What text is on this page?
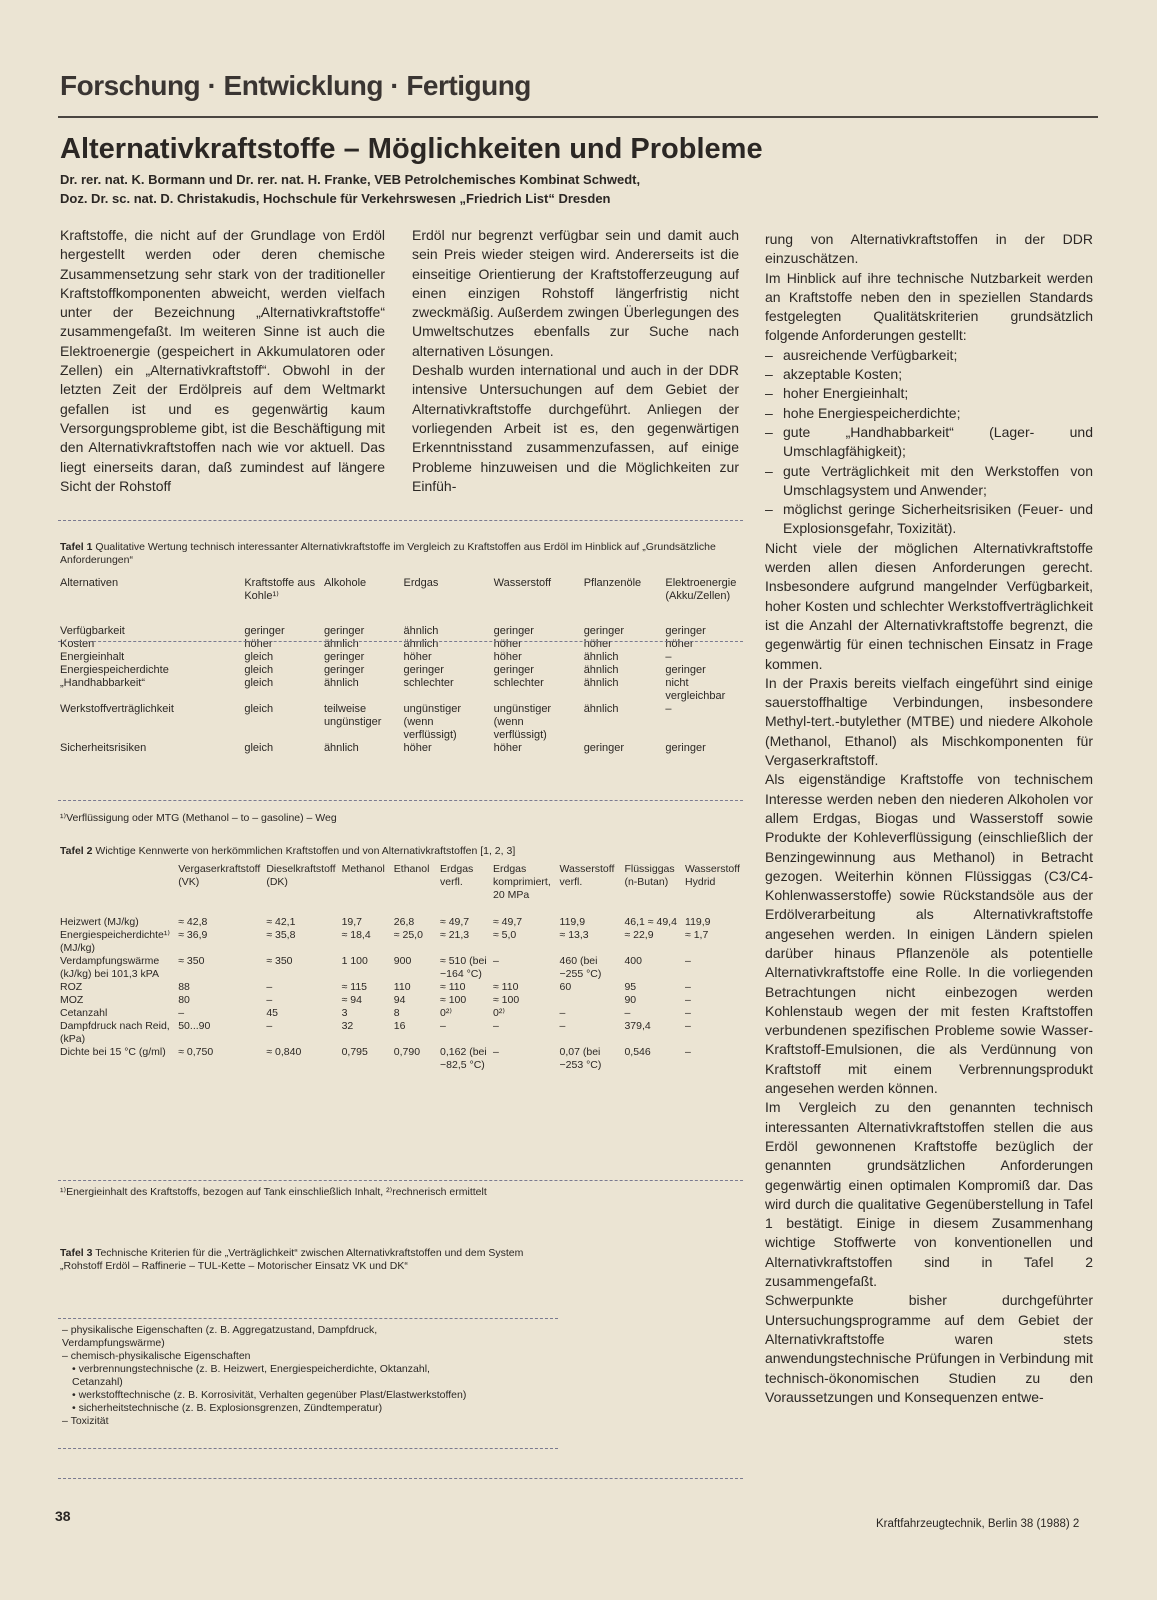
Forschung · Entwicklung · Fertigung
Alternativkraftstoffe – Möglichkeiten und Probleme
Dr. rer. nat. K. Bormann und Dr. rer. nat. H. Franke, VEB Petrolchemisches Kombinat Schwedt,
Doz. Dr. sc. nat. D. Christakudis, Hochschule für Verkehrswesen „Friedrich List“ Dresden

Kraftstoffe, die nicht auf der Grundlage von Erdöl hergestellt werden oder deren chemische Zusammensetzung sehr stark von der traditioneller Kraftstoffkomponenten abweicht, werden vielfach unter der Bezeichnung „Alternativkraftstoffe“ zusammengefaßt. Im weiteren Sinne ist auch die Elektroenergie (gespeichert in Akkumulatoren oder Zellen) ein „Alternativkraftstoff“. Obwohl in der letzten Zeit der Erdölpreis auf dem Weltmarkt gefallen ist und es gegenwärtig kaum Versorgungsprobleme gibt, ist die Beschäftigung mit den Alternativkraftstoffen nach wie vor aktuell. Das liegt einerseits daran, daß zumindest auf längere Sicht der Rohstoff

Erdöl nur begrenzt verfügbar sein und damit auch sein Preis wieder steigen wird. Andererseits ist die einseitige Orientierung der Kraftstofferzeugung auf einen einzigen Rohstoff längerfristig nicht zweckmäßig. Außerdem zwingen Überlegungen des Umweltschutzes ebenfalls zur Suche nach alternativen Lösungen.

Deshalb wurden international und auch in der DDR intensive Untersuchungen auf dem Gebiet der Alternativkraftstoffe durchgeführt. Anliegen der vorliegenden Arbeit ist es, den gegenwärtigen Erkenntnisstand zusammenzufassen, auf einige Probleme hinzuweisen und die Möglichkeiten zur Einfüh-

rung von Alternativkraftstoffen in der DDR einzuschätzen.

Im Hinblick auf ihre technische Nutzbarkeit werden an Kraftstoffe neben den in speziellen Standards festgelegten Qualitätskriterien grundsätzlich folgende Anforderungen gestellt:

– ausreichende Verfügbarkeit;
– akzeptable Kosten;
– hoher Energieinhalt;
– hohe Energiespeicherdichte;
– gute „Handhabbarkeit“ (Lager- und Umschlagfähigkeit);
– gute Verträglichkeit mit den Werkstoffen von Umschlagsystem und Anwender;
– möglichst geringe Sicherheitsrisiken (Feuer- und Explosionsgefahr, Toxizität).

Nicht viele der möglichen Alternativkraftstoffe werden allen diesen Anforderungen gerecht. Insbesondere aufgrund mangelnder Verfügbarkeit, hoher Kosten und schlechter Werkstoffverträglichkeit ist die Anzahl der Alternativkraftstoffe begrenzt, die gegenwärtig für einen technischen Einsatz in Frage kommen.

In der Praxis bereits vielfach eingeführt sind einige sauerstoffhaltige Verbindungen, insbesondere Methyl-tert.-butylether (MTBE) und niedere Alkohole (Methanol, Ethanol) als Mischkomponenten für Vergaserkraftstoff.

Als eigenständige Kraftstoffe von technischem Interesse werden neben den niederen Alkoholen vor allem Erdgas, Biogas und Wasserstoff sowie Produkte der Kohleverflüssigung (einschließlich der Benzingewinnung aus Methanol) in Betracht gezogen. Weiterhin können Flüssiggas (C3/C4-Kohlenwasserstoffe) sowie Rückstandsöle aus der Erdölverarbeitung als Alternativkraftstoffe angesehen werden. In einigen Ländern spielen darüber hinaus Pflanzenöle als potentielle Alternativkraftstoffe eine Rolle. In die vorliegenden Betrachtungen nicht einbezogen werden Kohlenstaub wegen der mit festen Kraftstoffen verbundenen spezifischen Probleme sowie Wasser-Kraftstoff-Emulsionen, die als Verdünnung von Kraftstoff mit einem Verbrennungsprodukt angesehen werden können.

Im Vergleich zu den genannten technisch interessanten Alternativkraftstoffen stellen die aus Erdöl gewonnenen Kraftstoffe bezüglich der genannten grundsätzlichen Anforderungen gegenwärtig einen optimalen Kompromiß dar. Das wird durch die qualitative Gegenüberstellung in Tafel 1 bestätigt. Einige in diesem Zusammenhang wichtige Stoffwerte von konventionellen und Alternativkraftstoffen sind in Tafel 2 zusammengefaßt.

Schwerpunkte bisher durchgeführter Untersuchungsprogramme auf dem Gebiet der Alternativkraftstoffe waren stets anwendungstechnische Prüfungen in Verbindung mit technisch-ökonomischen Studien zu den Voraussetzungen und Konsequenzen entwe-

Tafel 1 Qualitative Wertung technisch interessanter Alternativkraftstoffe im Vergleich zu Kraftstoffen aus Erdöl im Hinblick auf „Grundsätzliche Anforderungen“
Alternativen	Kraftstoffe aus Kohle¹⁾	Alkohole	Erdgas	Wasserstoff	Pflanzenöle	Elektroenergie (Akku/Zellen)
Verfügbarkeit	geringer	geringer	ähnlich	geringer	geringer	geringer
Kosten	höher	ähnlich	ähnlich	höher	höher	höher
Energieinhalt	gleich	geringer	höher	höher	ähnlich	–
Energiespeicherdichte	gleich	geringer	geringer	geringer	ähnlich	geringer
„Handhabbarkeit“	gleich	ähnlich	schlechter	schlechter	ähnlich	nicht vergleichbar
Werkstoffverträglichkeit	gleich	teilweise ungünstiger	ungünstiger (wenn verflüssigt)	ungünstiger (wenn verflüssigt)	ähnlich	–
Sicherheitsrisiken	gleich	ähnlich	höher	höher	geringer	geringer
¹⁾Verflüssigung oder MTG (Methanol – to – gasoline) – Weg
Tafel 2 Wichtige Kennwerte von herkömmlichen Kraftstoffen und von Alternativkraftstoffen [1, 2, 3]
	Vergaserkraftstoff (VK)	Dieselkraftstoff (DK)	Methanol	Ethanol	Erdgas verfl.	Erdgas komprimiert, 20 MPa	Wasserstoff verfl.	Flüssiggas (n-Butan)	Wasserstoff Hydrid
Heizwert (MJ/kg)	≈ 42,8	≈ 42,1	19,7	26,8	≈ 49,7	≈ 49,7	119,9	46,1 ≈ 49,4	119,9
Energiespeicherdichte¹⁾ (MJ/kg)	≈ 36,9	≈ 35,8	≈ 18,4	≈ 25,0	≈ 21,3	≈ 5,0	≈ 13,3	≈ 22,9	≈ 1,7
Verdampfungswärme (kJ/kg) bei 101,3 kPA	≈ 350	≈ 350	1 100	900	≈ 510 (bei −164 °C)	–	460 (bei −255 °C)	400	–
ROZ	88	–	≈ 115	110	≈ 110	≈ 110	60	95	–
MOZ	80	–	≈ 94	94	≈ 100	≈ 100		90	–
Cetanzahl	–	45	3	8	0²⁾	0²⁾	–	–	–
Dampfdruck nach Reid, (kPa)	50...90	–	32	16	–	–	–	379,4	–
Dichte bei 15 °C (g/ml)	≈ 0,750	≈ 0,840	0,795	0,790	0,162 (bei −82,5 °C)	–	0,07 (bei −253 °C)	0,546	–
¹⁾Energieinhalt des Kraftstoffs, bezogen auf Tank einschließlich Inhalt, ²⁾rechnerisch ermittelt
Tafel 3 Technische Kriterien für die „Verträglichkeit“ zwischen Alternativkraftstoffen und dem System „Rohstoff Erdöl – Raffinerie – TUL-Kette – Motorischer Einsatz VK und DK“
– physikalische Eigenschaften (z. B. Aggregatzustand, Dampfdruck, Verdampfungswärme)
– chemisch-physikalische Eigenschaften
• verbrennungstechnische (z. B. Heizwert, Energiespeicherdichte, Oktanzahl, Cetanzahl)
• werkstofftechnische (z. B. Korrosivität, Verhalten gegenüber Plast/Elastwerkstoffen)
• sicherheitstechnische (z. B. Explosionsgrenzen, Zündtemperatur)
– Toxizität
38	Kraftfahrzeugtechnik, Berlin 38 (1988) 2
